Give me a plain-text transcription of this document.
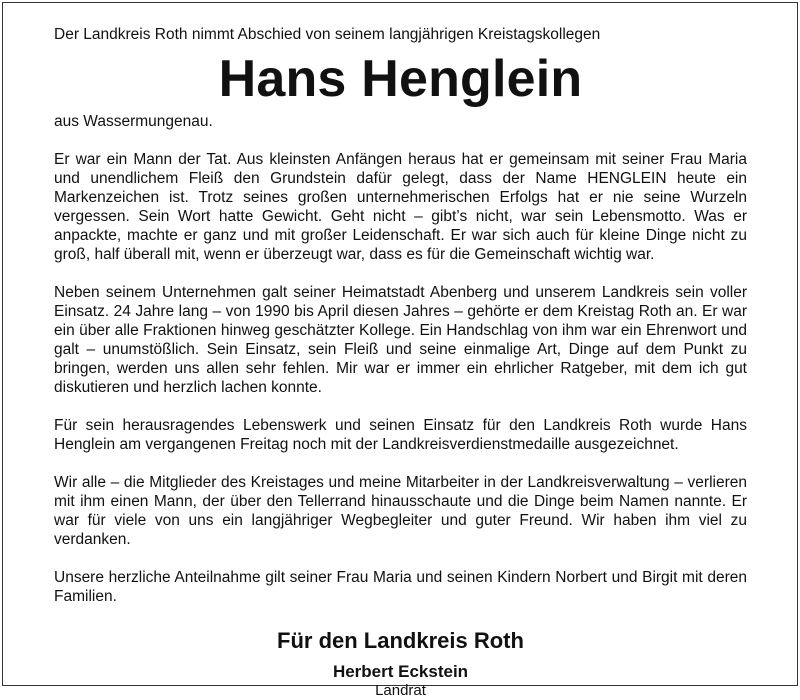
Der Landkreis Roth nimmt Abschied von seinem langjährigen Kreistagskollegen

Hans Henglein

aus Wassermungenau.

Er war ein Mann der Tat. Aus kleinsten Anfängen heraus hat er gemeinsam mit seiner Frau Maria und unendlichem Fleiß den Grundstein dafür gelegt, dass der Name HENGLEIN heute ein Markenzeichen ist. Trotz seines großen unternehmerischen Erfolgs hat er nie seine Wurzeln vergessen. Sein Wort hatte Gewicht. Geht nicht – gibt’s nicht, war sein Lebensmotto. Was er anpackte, machte er ganz und mit großer Leidenschaft. Er war sich auch für kleine Dinge nicht zu groß, half überall mit, wenn er überzeugt war, dass es für die Gemeinschaft wichtig war.

Neben seinem Unternehmen galt seiner Heimatstadt Abenberg und unserem Landkreis sein voller Einsatz. 24 Jahre lang – von 1990 bis April diesen Jahres – gehörte er dem Kreistag Roth an. Er war ein über alle Fraktionen hinweg geschätzter Kollege. Ein Handschlag von ihm war ein Ehrenwort und galt – unumstößlich. Sein Einsatz, sein Fleiß und seine einmalige Art, Dinge auf dem Punkt zu bringen, werden uns allen sehr fehlen. Mir war er immer ein ehrlicher Ratgeber, mit dem ich gut diskutieren und herzlich lachen konnte.

Für sein herausragendes Lebenswerk und seinen Einsatz für den Landkreis Roth wurde Hans Henglein am vergangenen Freitag noch mit der Landkreisverdienstmedaille ausgezeichnet.

Wir alle – die Mitglieder des Kreistages und meine Mitarbeiter in der Landkreisverwaltung – verlieren mit ihm einen Mann, der über den Tellerrand hinausschaute und die Dinge beim Namen nannte. Er war für viele von uns ein langjähriger Wegbegleiter und guter Freund. Wir haben ihm viel zu verdanken.

Unsere herzliche Anteilnahme gilt seiner Frau Maria und seinen Kindern Norbert und Birgit mit deren Familien.

Für den Landkreis Roth
Herbert Eckstein
Landrat
